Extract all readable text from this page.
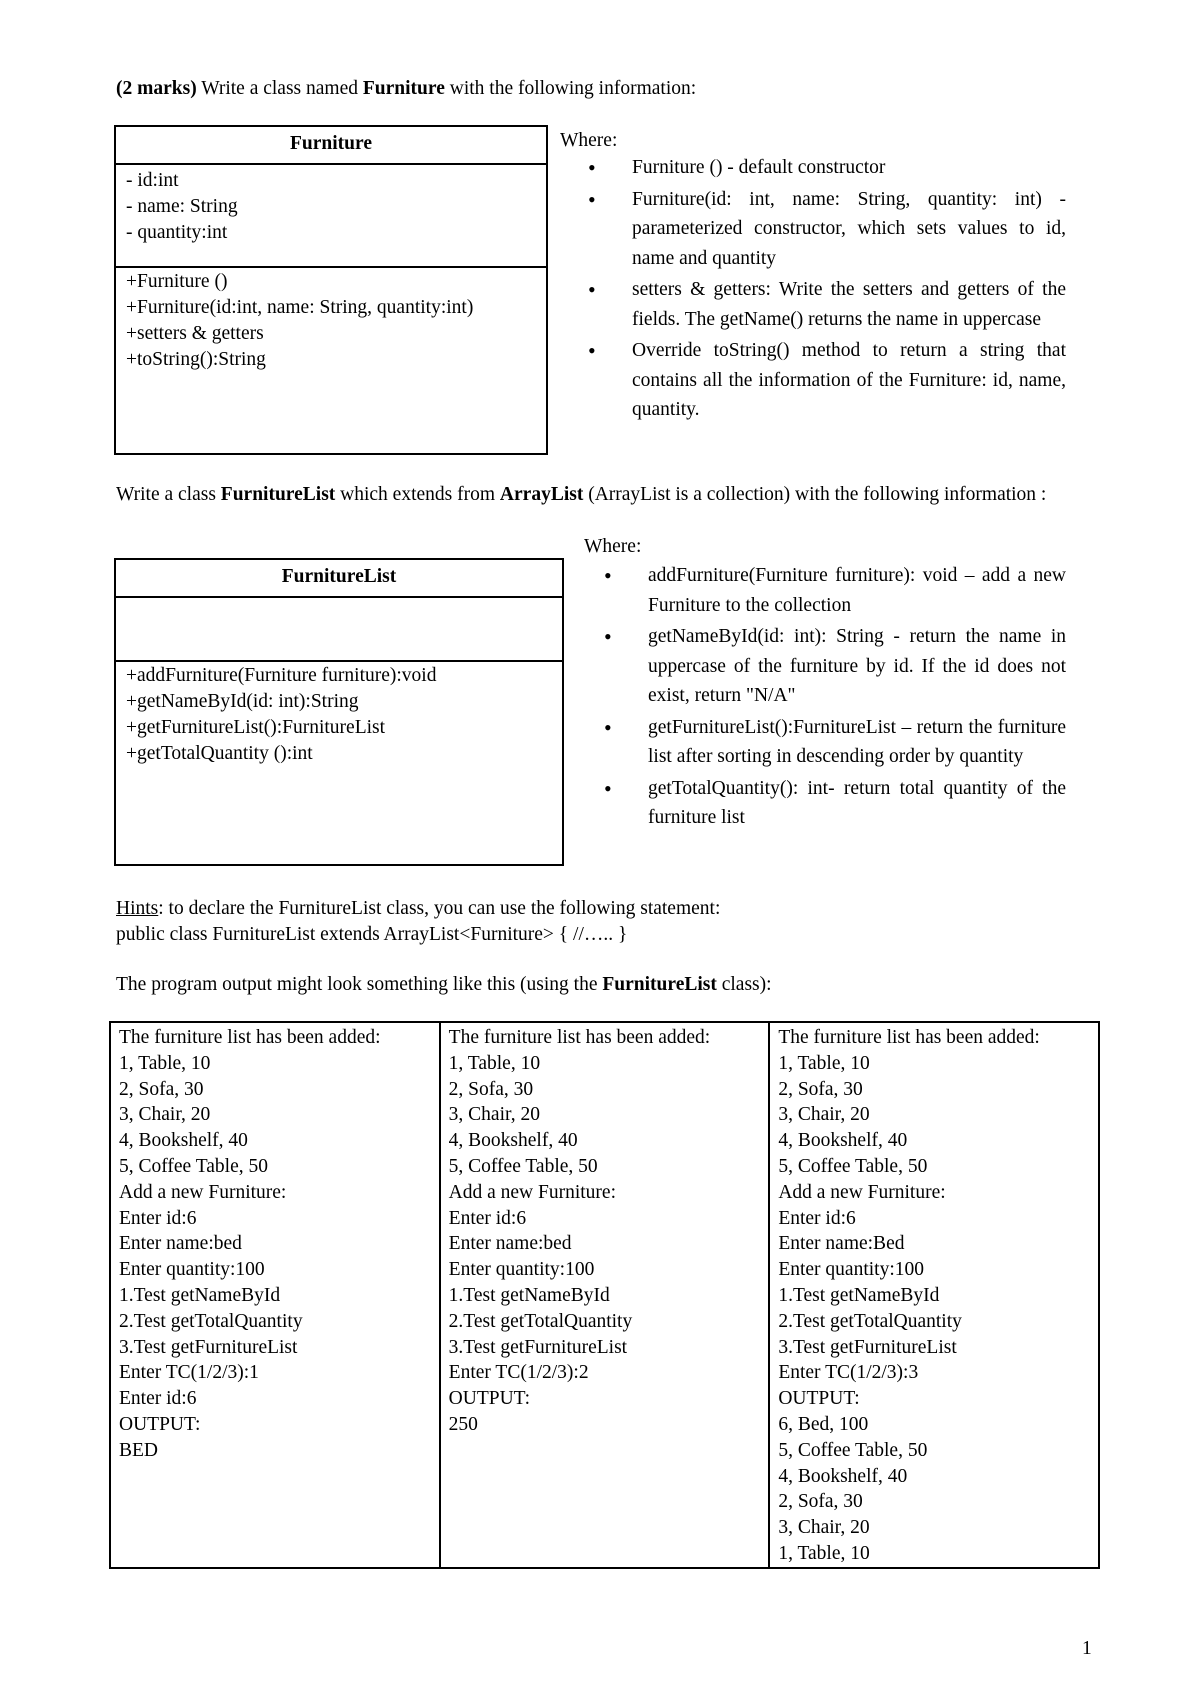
(2 marks) Write a class named Furniture with the following information:
Furniture
- id:int
- name: String
- quantity:int
+Furniture ()
+Furniture(id:int, name: String, quantity:int)
+setters & getters
+toString():String
Where:
• Furniture () - default constructor
• Furniture(id: int, name: String, quantity: int) - parameterized constructor, which sets values to id, name and quantity
• setters & getters: Write the setters and getters of the fields. The getName() returns the name in uppercase
• Override toString() method to return a string that contains all the information of the Furniture: id, name, quantity.
Write a class FurnitureList which extends from ArrayList (ArrayList is a collection) with the following information :
Where:
FurnitureList
+addFurniture(Furniture furniture):void
+getNameById(id: int):String
+getFurnitureList():FurnitureList
+getTotalQuantity ():int
• addFurniture(Furniture furniture): void – add a new Furniture to the collection
• getNameById(id: int): String - return the name in uppercase of the furniture by id. If the id does not exist, return "N/A"
• getFurnitureList():FurnitureList – return the furniture list after sorting in descending order by quantity
• getTotalQuantity(): int- return total quantity of the furniture list
Hints: to declare the FurnitureList class, you can use the following statement:
public class FurnitureList extends ArrayList<Furniture> { //….. }
The program output might look something like this (using the FurnitureList class):
The furniture list has been added:
1, Table, 10
2, Sofa, 30
3, Chair, 20
4, Bookshelf, 40
5, Coffee Table, 50
Add a new Furniture:
Enter id:6
Enter name:bed
Enter quantity:100
1.Test getNameById
2.Test getTotalQuantity
3.Test getFurnitureList
Enter TC(1/2/3):1
Enter id:6
OUTPUT:
BED

The furniture list has been added:
1, Table, 10
2, Sofa, 30
3, Chair, 20
4, Bookshelf, 40
5, Coffee Table, 50
Add a new Furniture:
Enter id:6
Enter name:bed
Enter quantity:100
1.Test getNameById
2.Test getTotalQuantity
3.Test getFurnitureList
Enter TC(1/2/3):2
OUTPUT:
250

The furniture list has been added:
1, Table, 10
2, Sofa, 30
3, Chair, 20
4, Bookshelf, 40
5, Coffee Table, 50
Add a new Furniture:
Enter id:6
Enter name:Bed
Enter quantity:100
1.Test getNameById
2.Test getTotalQuantity
3.Test getFurnitureList
Enter TC(1/2/3):3
OUTPUT:
6, Bed, 100
5, Coffee Table, 50
4, Bookshelf, 40
2, Sofa, 30
3, Chair, 20
1, Table, 10
1
